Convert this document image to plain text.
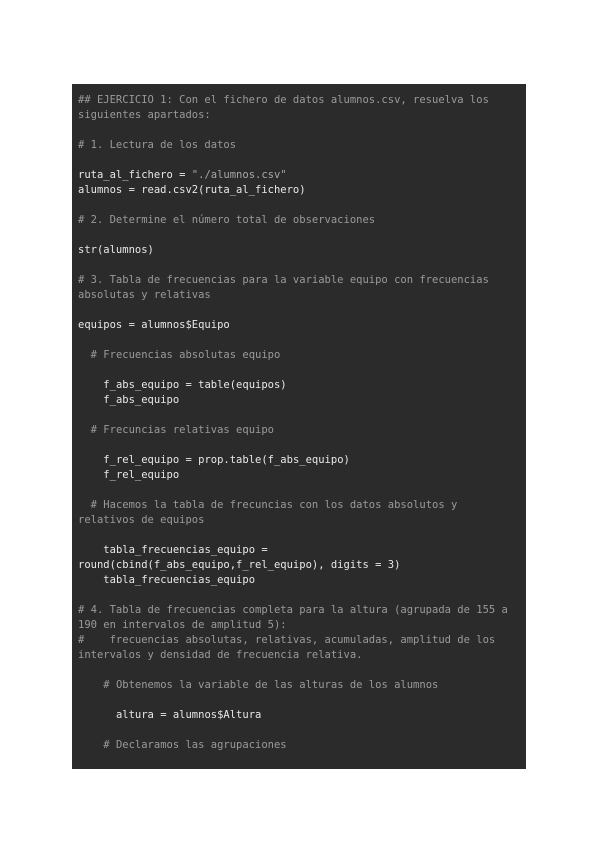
## EJERCICIO 1: Con el fichero de datos alumnos.csv, resuelva los siguientes apartados:
# 1. Lectura de los datos
ruta_al_fichero = "./alumnos.csv"
alumnos = read.csv2(ruta_al_fichero)
# 2. Determine el número total de observaciones
str(alumnos)
# 3. Tabla de frecuencias para la variable equipo con frecuencias absolutas y relativas
equipos = alumnos$Equipo
# Frecuencias absolutas equipo
f_abs_equipo = table(equipos)
f_abs_equipo
# Frecuncias relativas equipo
f_rel_equipo = prop.table(f_abs_equipo)
f_rel_equipo
# Hacemos la tabla de frecuncias con los datos absolutos y relativos de equipos
tabla_frecuencias_equipo = round(cbind(f_abs_equipo,f_rel_equipo), digits = 3)
tabla_frecuencias_equipo
# 4. Tabla de frecuencias completa para la altura (agrupada de 155 a 190 en intervalos de amplitud 5):
#    frecuencias absolutas, relativas, acumuladas, amplitud de los intervalos y densidad de frecuencia relativa.
# Obtenemos la variable de las alturas de los alumnos
altura = alumnos$Altura
# Declaramos las agrupaciones
